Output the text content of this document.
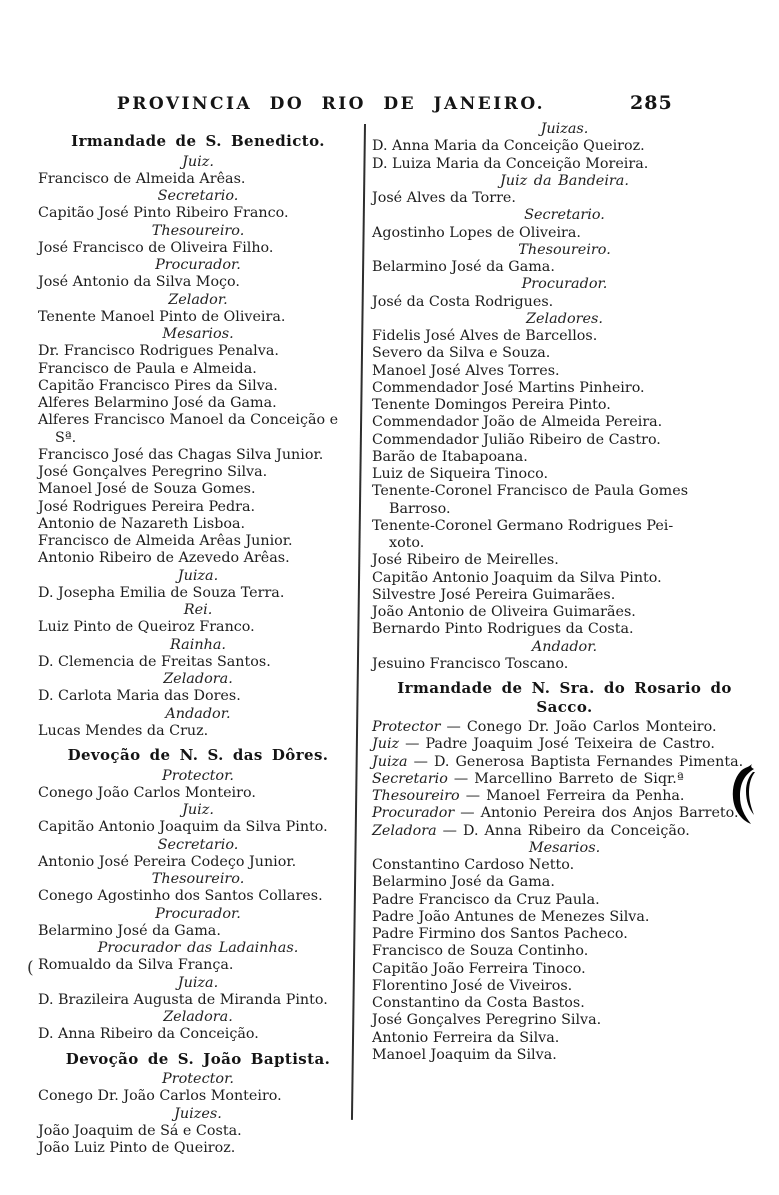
PROVINCIA DO RIO DE JANEIRO.	285
Irmandade de S. Benedicto.
Juiz.
Francisco de Almeida Arêas.
Secretario.
Capitão José Pinto Ribeiro Franco.
Thesoureiro.
José Francisco de Oliveira Filho.
Procurador.
José Antonio da Silva Moço.
Zelador.
Tenente Manoel Pinto de Oliveira.
Mesarios.
Dr. Francisco Rodrigues Penalva.
Francisco de Paula e Almeida.
Capitão Francisco Pires da Silva.
Alferes Belarmino José da Gama.
Alferes Francisco Manoel da Conceição e Sª.
Francisco José das Chagas Silva Junior.
José Gonçalves Peregrino Silva.
Manoel José de Souza Gomes.
José Rodrigues Pereira Pedra.
Antonio de Nazareth Lisboa.
Francisco de Almeida Arêas Junior.
Antonio Ribeiro de Azevedo Arêas.
Juiza.
D. Josepha Emilia de Souza Terra.
Rei.
Luiz Pinto de Queiroz Franco.
Rainha.
D. Clemencia de Freitas Santos.
Zeladora.
D. Carlota Maria das Dores.
Andador.
Lucas Mendes da Cruz.
Devoção de N. S. das Dôres.
Protector.
Conego João Carlos Monteiro.
Juiz.
Capitão Antonio Joaquim da Silva Pinto.
Secretario.
Antonio José Pereira Codeço Junior.
Thesoureiro.
Conego Agostinho dos Santos Collares.
Procurador.
Belarmino José da Gama.
Procurador das Ladainhas.
Romualdo da Silva França.
Juiza.
D. Brazileira Augusta de Miranda Pinto.
Zeladora.
D. Anna Ribeiro da Conceição.
Devoção de S. João Baptista.
Protector.
Conego Dr. João Carlos Monteiro.
Juizes.
João Joaquim de Sá e Costa.
João Luiz Pinto de Queiroz.
Juizas.
D. Anna Maria da Conceição Queiroz.
D. Luiza Maria da Conceição Moreira.
Juiz da Bandeira.
José Alves da Torre.
Secretario.
Agostinho Lopes de Oliveira.
Thesoureiro.
Belarmino José da Gama.
Procurador.
José da Costa Rodrigues.
Zeladores.
Fidelis José Alves de Barcellos.
Severo da Silva e Souza.
Manoel José Alves Torres.
Commendador José Martins Pinheiro.
Tenente Domingos Pereira Pinto.
Commendador João de Almeida Pereira.
Commendador Julião Ribeiro de Castro.
Barão de Itabapoana.
Luiz de Siqueira Tinoco.
Tenente-Coronel Francisco de Paula Gomes
Barroso.
Tenente-Coronel Germano Rodrigues Pei-
xoto.
José Ribeiro de Meirelles.
Capitão Antonio Joaquim da Silva Pinto.
Silvestre José Pereira Guimarães.
João Antonio de Oliveira Guimarães.
Bernardo Pinto Rodrigues da Costa.
Andador.
Jesuino Francisco Toscano.
Irmandade de N. Sra. do Rosario do Sacco.
Protector — Conego Dr. João Carlos Monteiro.
Juiz — Padre Joaquim José Teixeira de Castro.
Juiza — D. Generosa Baptista Fernandes Pimenta.
Secretario — Marcellino Barreto de Siqr.ª
Thesoureiro — Manoel Ferreira da Penha.
Procurador — Antonio Pereira dos Anjos Barreto.
Zeladora — D. Anna Ribeiro da Conceição.
Mesarios.
Constantino Cardoso Netto.
Belarmino José da Gama.
Padre Francisco da Cruz Paula.
Padre João Antunes de Menezes Silva.
Padre Firmino dos Santos Pacheco.
Francisco de Souza Continho.
Capitão João Ferreira Tinoco.
Florentino José de Viveiros.
Constantino da Costa Bastos.
José Gonçalves Peregrino Silva.
Antonio Ferreira da Silva.
Manoel Joaquim da Silva.
(
